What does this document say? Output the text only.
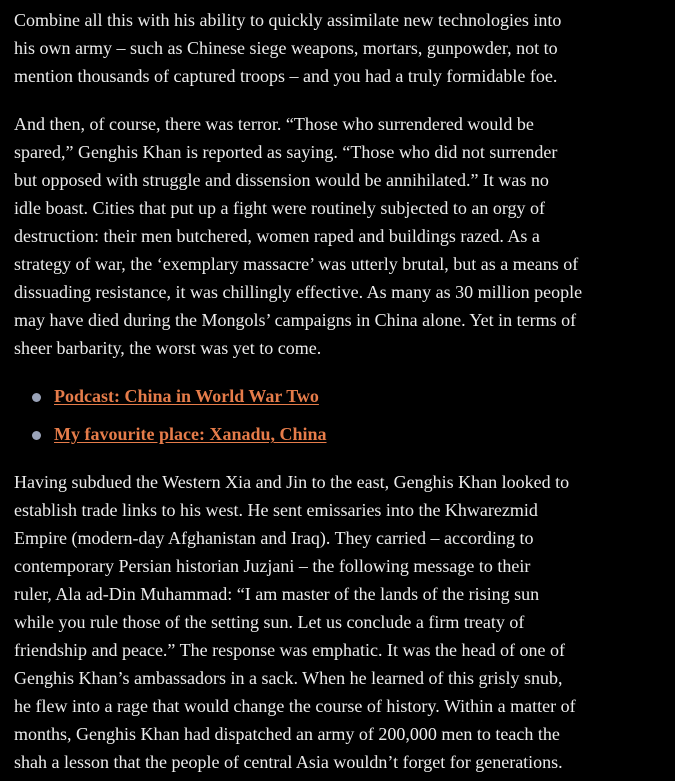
Combine all this with his ability to quickly assimilate new technologies into
his own army – such as Chinese siege weapons, mortars, gunpowder, not to
mention thousands of captured troops – and you had a truly formidable foe.

And then, of course, there was terror. “Those who surrendered would be
spared,” Genghis Khan is reported as saying. “Those who did not surrender
but opposed with struggle and dissension would be annihilated.” It was no
idle boast. Cities that put up a fight were routinely subjected to an orgy of
destruction: their men butchered, women raped and buildings razed. As a
strategy of war, the ‘exemplary massacre’ was utterly brutal, but as a means of
dissuading resistance, it was chillingly effective. As many as 30 million people
may have died during the Mongols’ campaigns in China alone. Yet in terms of
sheer barbarity, the worst was yet to come.

Podcast: China in World War Two
My favourite place: Xanadu, China

Having subdued the Western Xia and Jin to the east, Genghis Khan looked to
establish trade links to his west. He sent emissaries into the Khwarezmid
Empire (modern-day Afghanistan and Iraq). They carried – according to
contemporary Persian historian Juzjani – the following message to their
ruler, Ala ad-Din Muhammad: “I am master of the lands of the rising sun
while you rule those of the setting sun. Let us conclude a firm treaty of
friendship and peace.” The response was emphatic. It was the head of one of
Genghis Khan’s ambassadors in a sack. When he learned of this grisly snub,
he flew into a rage that would change the course of history. Within a matter of
months, Genghis Khan had dispatched an army of 200,000 men to teach the
shah a lesson that the people of central Asia wouldn’t forget for generations.
